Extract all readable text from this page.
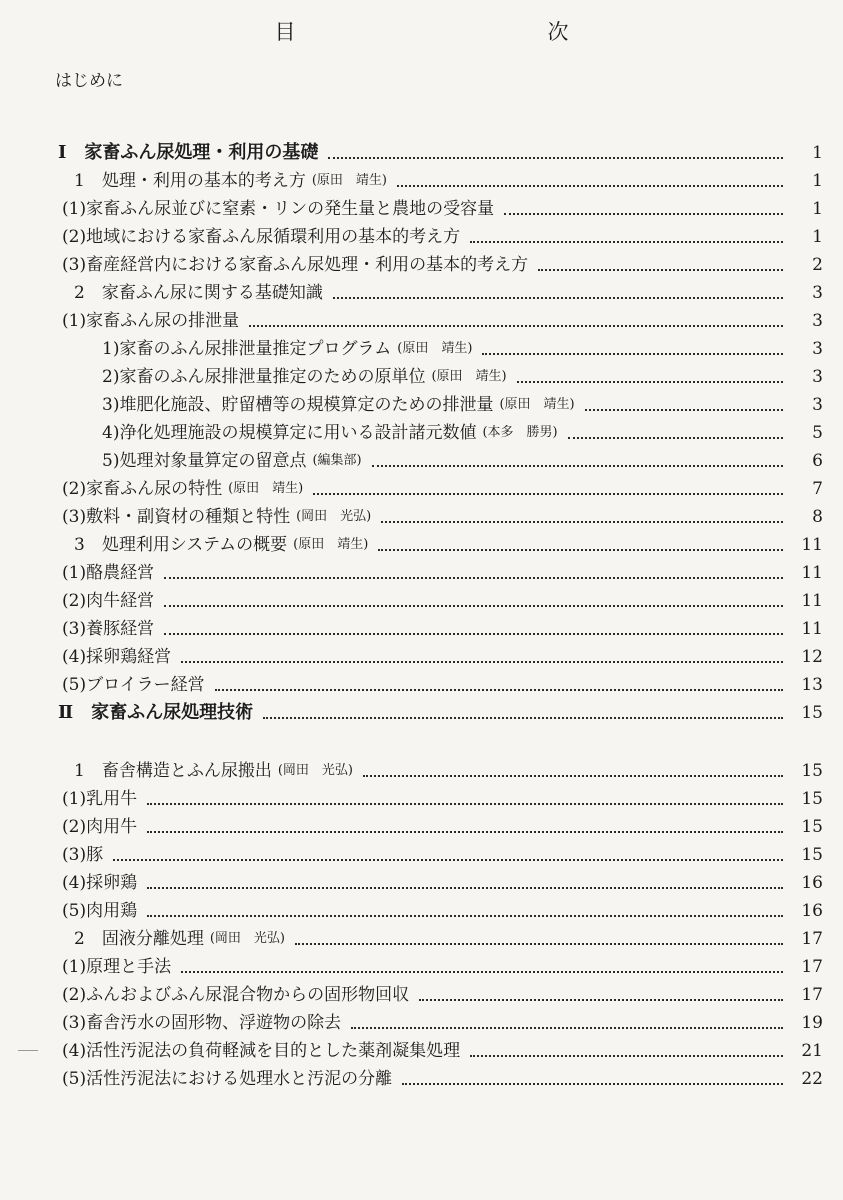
目　　次
はじめに
Ⅰ　家畜ふん尿処理・利用の基礎	1
1　処理・利用の基本的考え方 (原田　靖生)	1
(1)家畜ふん尿並びに窒素・リンの発生量と農地の受容量	1
(2)地域における家畜ふん尿循環利用の基本的考え方	1
(3)畜産経営内における家畜ふん尿処理・利用の基本的考え方	2
2　家畜ふん尿に関する基礎知識	3
(1)家畜ふん尿の排泄量	3
1)家畜のふん尿排泄量推定プログラム (原田　靖生)	3
2)家畜のふん尿排泄量推定のための原単位 (原田　靖生)	3
3)堆肥化施設、貯留槽等の規模算定のための排泄量 (原田　靖生)	3
4)浄化処理施設の規模算定に用いる設計諸元数値 (本多　勝男)	5
5)処理対象量算定の留意点 (編集部)	6
(2)家畜ふん尿の特性 (原田　靖生)	7
(3)敷料・副資材の種類と特性 (岡田　光弘)	8
3　処理利用システムの概要 (原田　靖生)	11
(1)酪農経営	11
(2)肉牛経営	11
(3)養豚経営	11
(4)採卵鶏経営	12
(5)ブロイラー経営	13
Ⅱ　家畜ふん尿処理技術	15
1　畜舎構造とふん尿搬出 (岡田　光弘)	15
(1)乳用牛	15
(2)肉用牛	15
(3)豚	15
(4)採卵鶏	16
(5)肉用鶏	16
2　固液分離処理 (岡田　光弘)	17
(1)原理と手法	17
(2)ふんおよびふん尿混合物からの固形物回収	17
(3)畜舎汚水の固形物、浮遊物の除去	19
(4)活性汚泥法の負荷軽減を目的とした薬剤凝集処理	21
(5)活性汚泥法における処理水と汚泥の分離	22
